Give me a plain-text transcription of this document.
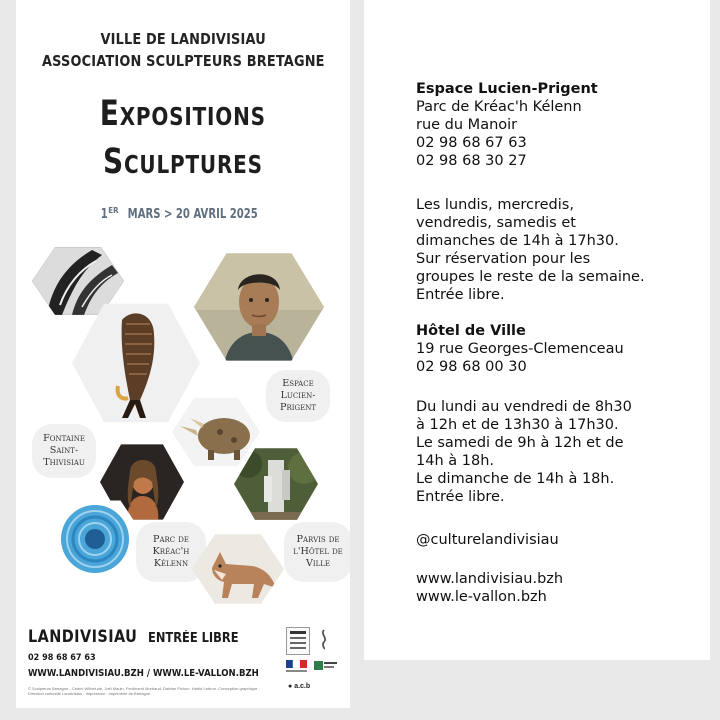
VILLE DE LANDIVISIAU
ASSOCIATION SCULPTEURS BRETAGNE
Expositions
Sculptures
1ERMARS > 20 AVRIL 2025
Espace Lucien-Prigent
Fontaine Saint-Thivisiau
Parc de Kréac'h Kélenn
Parvis de l'Hôtel de Ville
LANDIVISIAU ENTRÉE LIBRE
02 98 68 67 63
WWW.LANDIVISIAU.BZH / WWW.LE-VALLON.BZH
© Sculpteurs Bretagne - Cédric Wilhelude, Joël Mauin, Ferdinand Morbaud, Dalvise Pichon, Hafrid Lebrun. Conception graphique : Direction culturelle Landivisiau - Impression : Imprimerie de Bretagne
● a.c.b
Espace Lucien-Prigent
Parc de Kréac'h Kélenn
rue du Manoir
02 98 68 67 63
02 98 68 30 27
Les lundis, mercredis,
vendredis, samedis et
dimanches de 14h à 17h30.
Sur réservation pour les
groupes le reste de la semaine.
Entrée libre.
Hôtel de Ville
19 rue Georges-Clemenceau
02 98 68 00 30
Du lundi au vendredi de 8h30
à 12h et de 13h30 à 17h30.
Le samedi de 9h à 12h et de
14h à 18h.
Le dimanche de 14h à 18h.
Entrée libre.
@culturelandivisiau
www.landivisiau.bzh
www.le-vallon.bzh
